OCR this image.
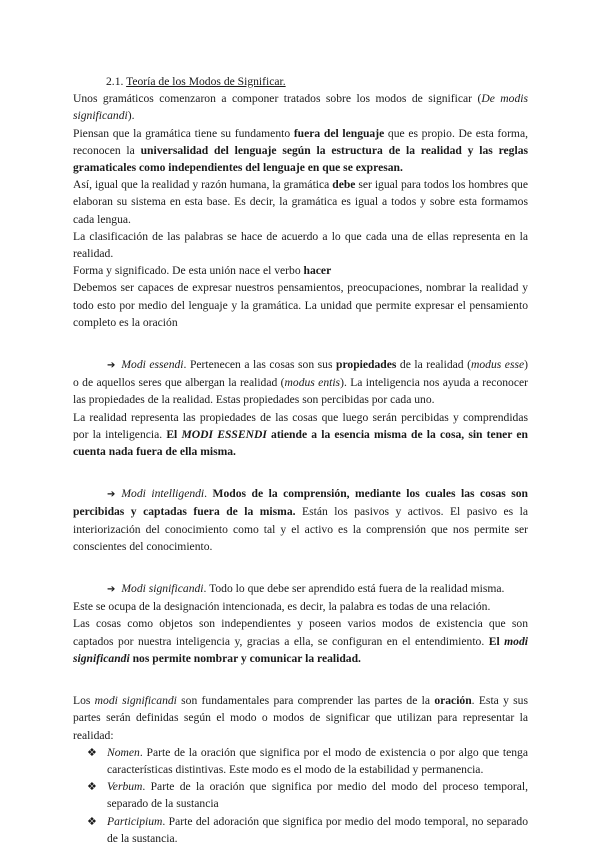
2.1. Teoría de los Modos de Significar.

Unos gramáticos comenzaron a componer tratados sobre los modos de significar (De modis significandi).

Piensan que la gramática tiene su fundamento fuera del lenguaje que es propio. De esta forma, reconocen la universalidad del lenguaje según la estructura de la realidad y las reglas gramaticales como independientes del lenguaje en que se expresan.

Así, igual que la realidad y razón humana, la gramática debe ser igual para todos los hombres que elaboran su sistema en esta base. Es decir, la gramática es igual a todos y sobre esta formamos cada lengua.

La clasificación de las palabras se hace de acuerdo a lo que cada una de ellas representa en la realidad.

Forma y significado. De esta unión nace el verbo hacer

Debemos ser capaces de expresar nuestros pensamientos, preocupaciones, nombrar la realidad y todo esto por medio del lenguaje y la gramática. La unidad que permite expresar el pensamiento completo es la oración

➔ Modi essendi. Pertenecen a las cosas son sus propiedades de la realidad (modus esse) o de aquellos seres que albergan la realidad (modus entis). La inteligencia nos ayuda a reconocer las propiedades de la realidad. Estas propiedades son percibidas por cada uno.

La realidad representa las propiedades de las cosas que luego serán percibidas y comprendidas por la inteligencia. El MODI ESSENDI atiende a la esencia misma de la cosa, sin tener en cuenta nada fuera de ella misma.

➔ Modi intelligendi. Modos de la comprensión, mediante los cuales las cosas son percibidas y captadas fuera de la misma. Están los pasivos y activos. El pasivo es la interiorización del conocimiento como tal y el activo es la comprensión que nos permite ser conscientes del conocimiento.

➔ Modi significandi. Todo lo que debe ser aprendido está fuera de la realidad misma.

Este se ocupa de la designación intencionada, es decir, la palabra es todas de una relación.

Las cosas como objetos son independientes y poseen varios modos de existencia que son captados por nuestra inteligencia y, gracias a ella, se configuran en el entendimiento. El modi significandi nos permite nombrar y comunicar la realidad.

Los modi significandi son fundamentales para comprender las partes de la oración. Esta y sus partes serán definidas según el modo o modos de significar que utilizan para representar la realidad:

❖ Nomen. Parte de la oración que significa por el modo de existencia o por algo que tenga características distintivas. Este modo es el modo de la estabilidad y permanencia.
❖ Verbum. Parte de la oración que significa por medio del modo del proceso temporal, separado de la sustancia
❖ Participium. Parte del adoración que significa por medio del modo temporal, no separado de la sustancia.
